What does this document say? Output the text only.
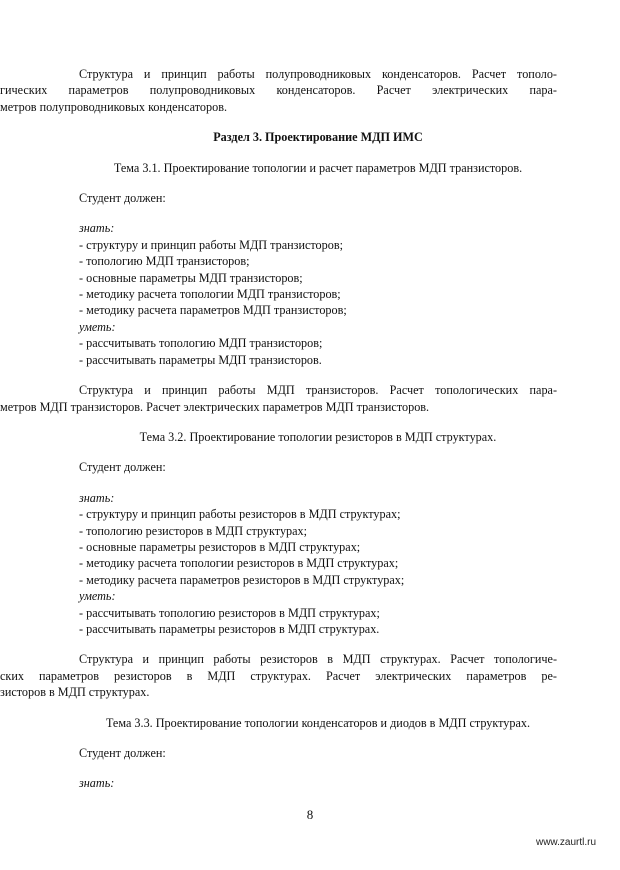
Структура и принцип работы полупроводниковых конденсаторов. Расчет тополо-

гических параметров полупроводниковых конденсаторов. Расчет электрических пара-

метров полупроводниковых конденсаторов.

Раздел 3. Проектирование МДП ИМС
Тема 3.1. Проектирование топологии и расчет параметров МДП транзисторов.
Студент должен:

знать:

- структуру и принцип работы МДП транзисторов;

- топологию МДП транзисторов;

- основные параметры МДП транзисторов;

- методику расчета топологии МДП транзисторов;

- методику расчета параметров МДП транзисторов;

уметь:

- рассчитывать топологию МДП транзисторов;

- рассчитывать параметры МДП транзисторов.

Структура и принцип работы МДП транзисторов. Расчет топологических пара-

метров МДП транзисторов. Расчет электрических параметров МДП транзисторов.

Тема 3.2. Проектирование топологии резисторов в МДП структурах.
Студент должен:

знать:

- структуру и принцип работы резисторов в МДП структурах;

- топологию резисторов в МДП структурах;

- основные параметры резисторов в МДП структурах;

- методику расчета топологии резисторов в МДП структурах;

- методику расчета параметров резисторов в МДП структурах;

уметь:

- рассчитывать топологию резисторов в МДП структурах;

- рассчитывать параметры резисторов в МДП структурах.

Структура и принцип работы резисторов в МДП структурах. Расчет топологиче-

ских параметров резисторов в МДП структурах. Расчет электрических параметров ре-

зисторов в МДП структурах.

Тема 3.3. Проектирование топологии конденсаторов и диодов в МДП структурах.
Студент должен:

знать:

8
www.zaurtl.ru
